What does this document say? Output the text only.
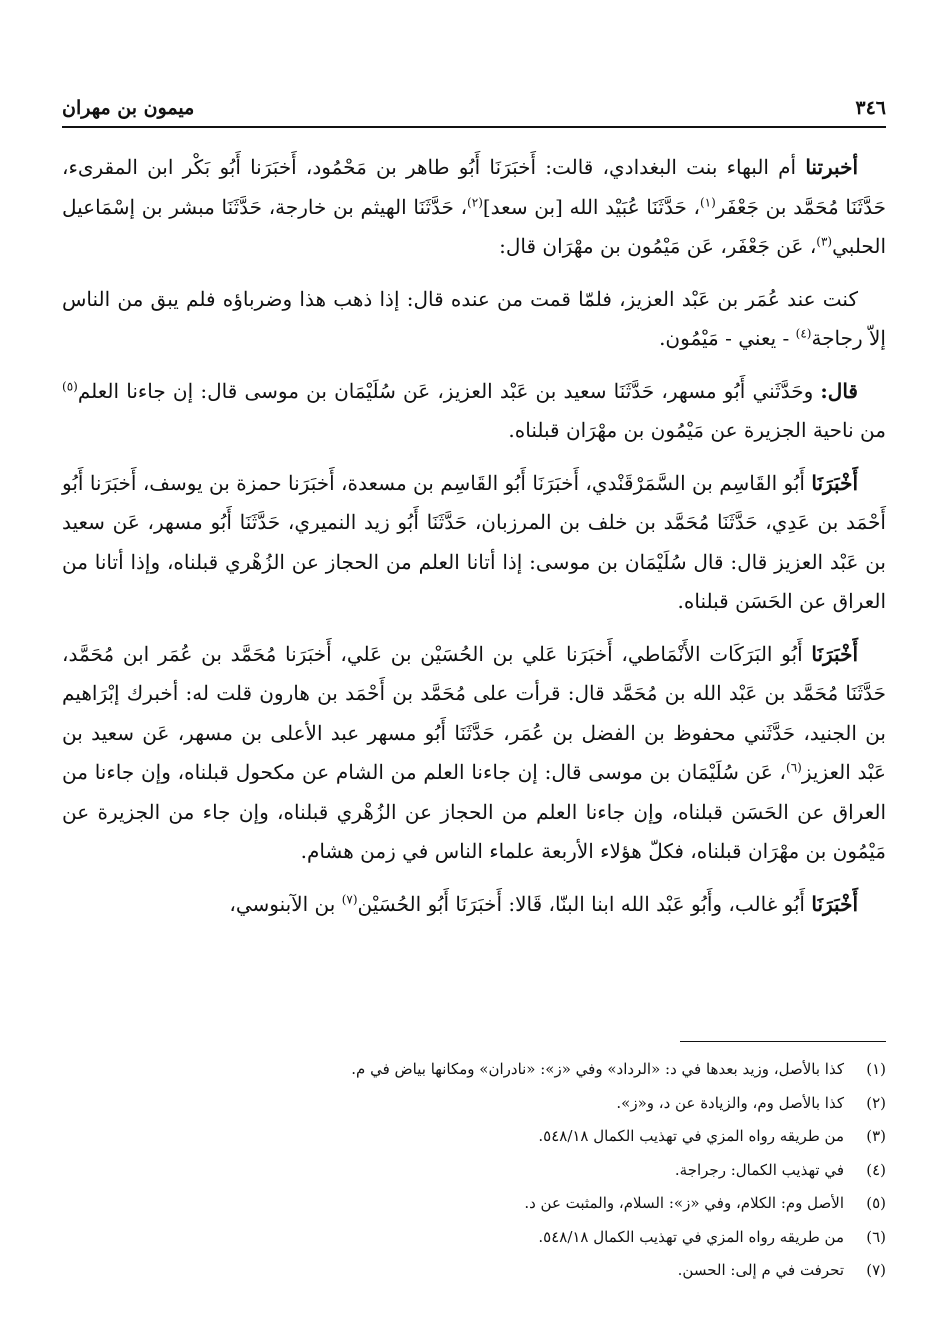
٣٤٦
ميمون بن مهران

أخبرتنا أم البهاء بنت البغدادي، قالت: أَخبَرَنَا أَبُو طاهر بن مَحْمُود، أَخبَرَنا أَبُو بَكْر ابن المقرىء، حَدَّثَنَا مُحَمَّد بن جَعْفَر$^{(١)}$، حَدَّثَنَا عُبَيْد الله [بن سعد]$^{(٢)}$، حَدَّثَنَا الهيثم بن خارجة، حَدَّثَنَا مبشر بن إسْمَاعيل الحلبي$^{(٣)}$، عَن جَعْفَر، عَن مَيْمُون بن مهْرَان قال:

كنت عند عُمَر بن عَبْد العزيز، فلمّا قمت من عنده قال: إذا ذهب هذا وضرباؤه فلم يبق من الناس إلاّ رجاجة$^{(٤)}$ - يعني - مَيْمُون.

قال: وحَدَّثَني أَبُو مسهر، حَدَّثَنَا سعيد بن عَبْد العزيز، عَن سُلَيْمَان بن موسى قال: إن جاءنا العلم$^{(٥)}$ من ناحية الجزيرة عن مَيْمُون بن مهْرَان قبلناه.

أَخْبَرَنَا أَبُو القَاسِم بن السَّمَرْقَنْدي، أَخبَرَنَا أَبُو القَاسِم بن مسعدة، أَخبَرَنا حمزة بن يوسف، أَخبَرَنا أَبُو أَحْمَد بن عَدِي، حَدَّثَنَا مُحَمَّد بن خلف بن المرزبان، حَدَّثَنَا أَبُو زيد النميري، حَدَّثَنَا أَبُو مسهر، عَن سعيد بن عَبْد العزيز قال: قال سُلَيْمَان بن موسى: إذا أتانا العلم من الحجاز عن الزُهْري قبلناه، وإذا أتانا من العراق عن الحَسَن قبلناه.

أَخْبَرَنَا أَبُو البَرَكَات الأَنْمَاطي، أَخبَرَنا عَلي بن الحُسَيْن بن عَلي، أَخبَرَنا مُحَمَّد بن عُمَر ابن مُحَمَّد، حَدَّثَنَا مُحَمَّد بن عَبْد الله بن مُحَمَّد قال: قرأت على مُحَمَّد بن أَحْمَد بن هارون قلت له: أخبرك إبْرَاهيم بن الجنيد، حَدَّثَني محفوظ بن الفضل بن عُمَر، حَدَّثَنَا أَبُو مسهر عبد الأعلى بن مسهر، عَن سعيد بن عَبْد العزيز$^{(٦)}$، عَن سُلَيْمَان بن موسى قال: إن جاءنا العلم من الشام عن مكحول قبلناه، وإن جاءنا من العراق عن الحَسَن قبلناه، وإن جاءنا العلم من الحجاز عن الزُهْري قبلناه، وإن جاء من الجزيرة عن مَيْمُون بن مهْرَان قبلناه، فكلّ هؤلاء الأربعة علماء الناس في زمن هشام.

أَخْبَرَنَا أَبُو غالب، وأَبُو عَبْد الله ابنا البنّا، قَالا: أَخبَرَنَا أَبُو الحُسَيْن$^{(٧)}$ بن الآبنوسي،

(١)
كذا بالأصل، وزيد بعدها في د: «الرداد» وفي «ز»: «نادران» ومكانها بياض في م.
(٢)
كذا بالأصل وم، والزيادة عن د، و«ز».
(٣)
من طريقه رواه المزي في تهذيب الكمال ٥٤٨/١٨.
(٤)
في تهذيب الكمال: رجراجة.
(٥)
الأصل وم: الكلام، وفي «ز»: السلام، والمثبت عن د.
(٦)
من طريقه رواه المزي في تهذيب الكمال ٥٤٨/١٨.
(٧)
تحرفت في م إلى: الحسن.
